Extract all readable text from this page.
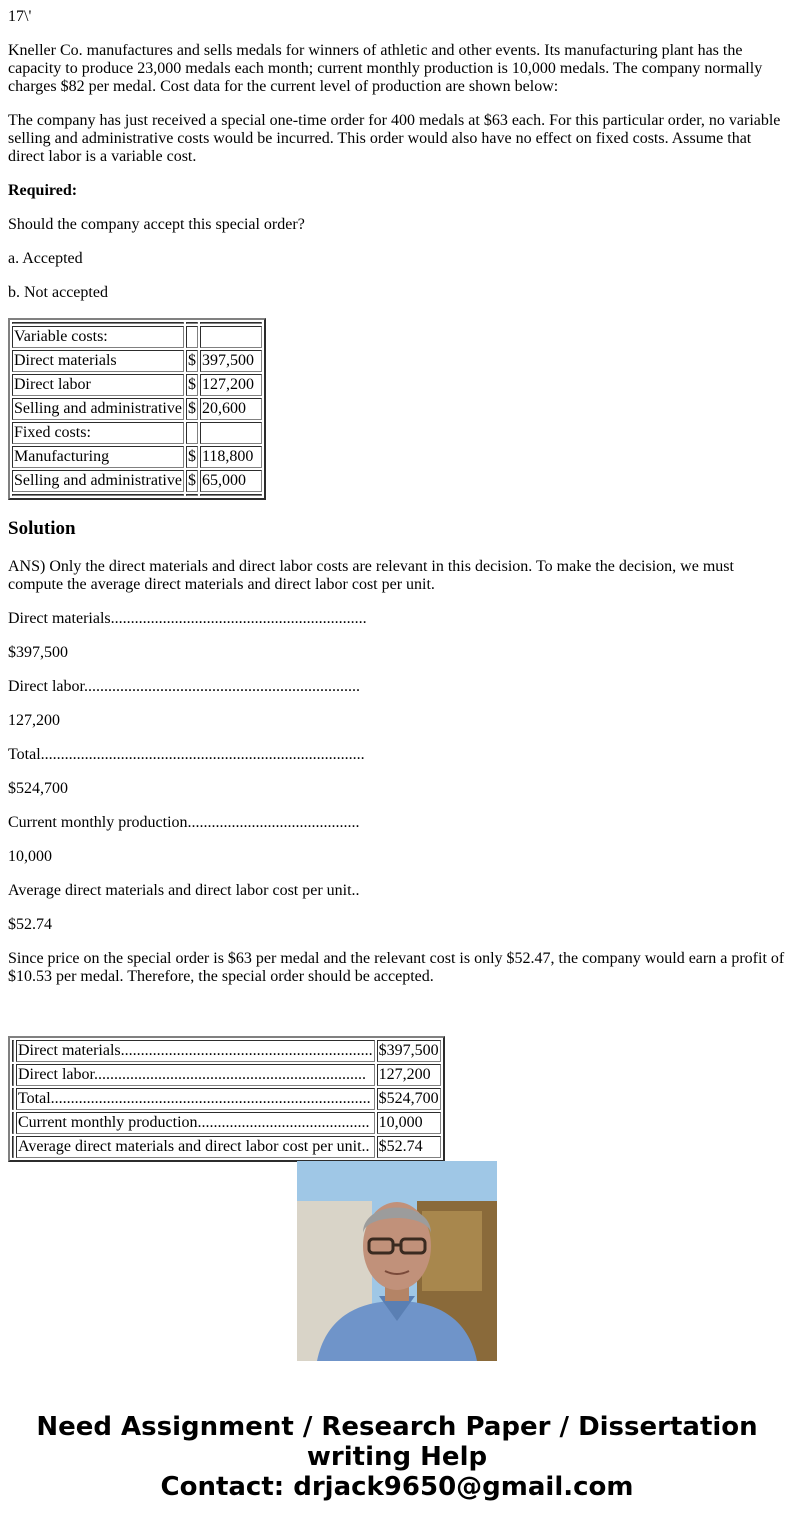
17\'

Kneller Co. manufactures and sells medals for winners of athletic and other events. Its manufacturing plant has the capacity to produce 23,000 medals each month; current monthly production is 10,000 medals. The company normally charges $82 per medal. Cost data for the current level of production are shown below:

The company has just received a special one-time order for 400 medals at $63 each. For this particular order, no variable selling and administrative costs would be incurred. This order would also have no effect on fixed costs. Assume that direct labor is a variable cost.

Required:

Should the company accept this special order?

a. Accepted

b. Not accepted

Variable costs:		
Direct materials	$	397,500
Direct labor	$	127,200
Selling and administrative	$	20,600
Fixed costs:		
Manufacturing	$	118,800
Selling and administrative	$	65,000

Solution

ANS) Only the direct materials and direct labor costs are relevant in this decision. To make the decision, we must compute the average direct materials and direct labor cost per unit.

Direct materials................................................................

$397,500

Direct labor.....................................................................

127,200

Total.................................................................................

$524,700

Current monthly production...........................................

10,000

Average direct materials and direct labor cost per unit..

$52.74

Since price on the special order is $63 per medal and the relevant cost is only $52.47, the company would earn a profit of $10.53 per medal. Therefore, the special order should be accepted.

	Direct materials...............................................................	$397,500
	Direct labor....................................................................	127,200
	Total................................................................................	$524,700
	Current monthly production...........................................	10,000
	Average direct materials and direct labor cost per unit..	$52.74
Need Assignment / Research Paper / Dissertation
writing Help
Contact: drjack9650@gmail.com
